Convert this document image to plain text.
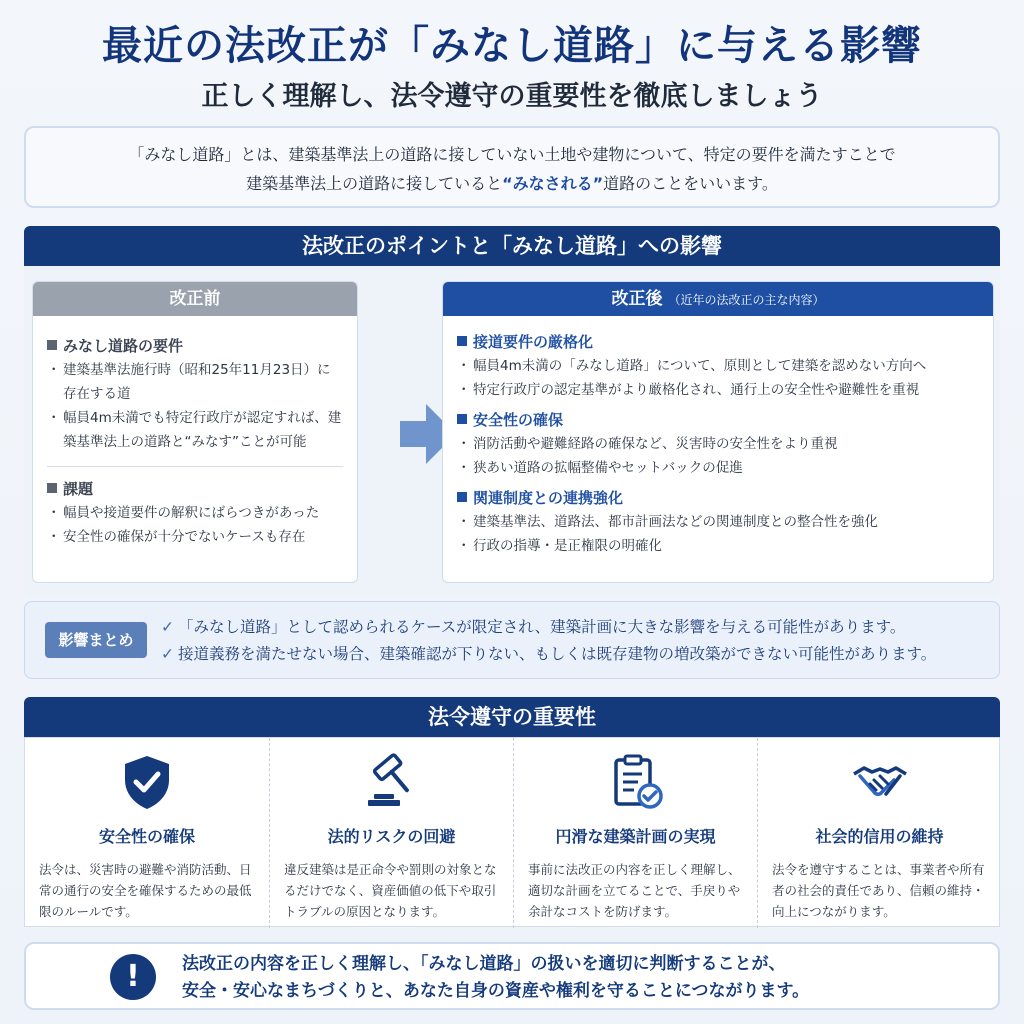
最近の法改正が「みなし道路」に与える影響
正しく理解し、法令遵守の重要性を徹底しましょう
「みなし道路」とは、建築基準法上の道路に接していない土地や建物について、特定の要件を満たすことで
建築基準法上の道路に接していると“みなされる”道路のことをいいます。
法改正のポイントと「みなし道路」への影響
改正前
みなし道路の要件
・ 建築基準法施行時（昭和25年11月23日）に存在する道
・ 幅員4m未満でも特定行政庁が認定すれば、建築基準法上の道路と“みなす”ことが可能
課題
・ 幅員や接道要件の解釈にばらつきがあった
・ 安全性の確保が十分でないケースも存在
改正後 （近年の法改正の主な内容）
接道要件の厳格化
・ 幅員4m未満の「みなし道路」について、原則として建築を認めない方向へ
・ 特定行政庁の認定基準がより厳格化され、通行上の安全性や避難性を重視
安全性の確保
・ 消防活動や避難経路の確保など、災害時の安全性をより重視
・ 狭あい道路の拡幅整備やセットバックの促進
関連制度との連携強化
・ 建築基準法、道路法、都市計画法などの関連制度との整合性を強化
・ 行政の指導・是正権限の明確化
影響まとめ
✓ 「みなし道路」として認められるケースが限定され、建築計画に大きな影響を与える可能性があります。
✓ 接道義務を満たせない場合、建築確認が下りない、もしくは既存建物の増改築ができない可能性があります。
法令遵守の重要性
安全性の確保
法令は、災害時の避難や消防活動、日常の通行の安全を確保するための最低限のルールです。
法的リスクの回避
違反建築は是正命令や罰則の対象となるだけでなく、資産価値の低下や取引トラブルの原因となります。
円滑な建築計画の実現
事前に法改正の内容を正しく理解し、適切な計画を立てることで、手戻りや余計なコストを防げます。
社会的信用の維持
法令を遵守することは、事業者や所有者の社会的責任であり、信頼の維持・向上につながります。
!	法改正の内容を正しく理解し、「みなし道路」の扱いを適切に判断することが、
安全・安心なまちづくりと、あなた自身の資産や権利を守ることにつながります。
